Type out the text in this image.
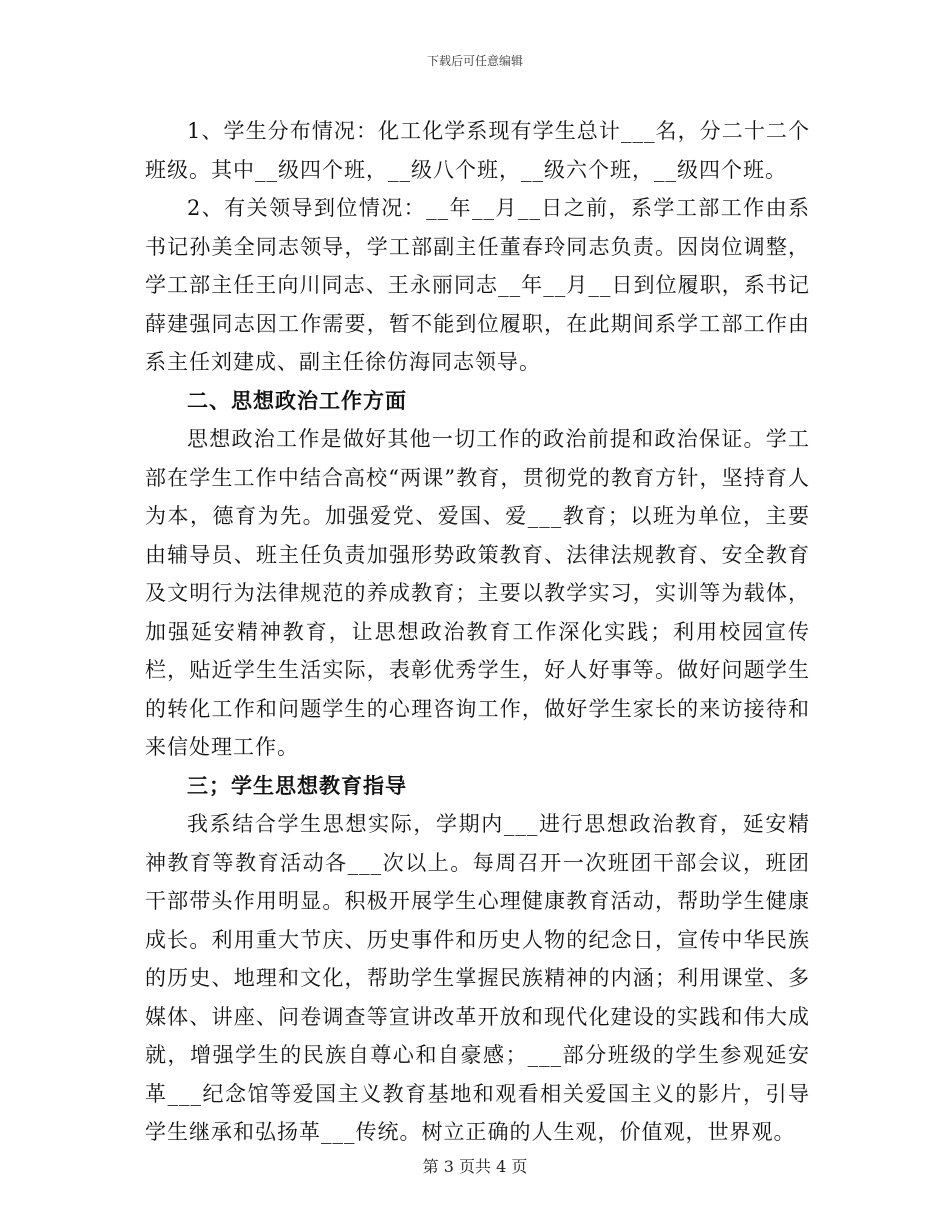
下载后可任意编辑

1、学生分布情况：化工化学系现有学生总计___名，分二十二个班级。其中__级四个班，__级八个班，__级六个班，__级四个班。

2、有关领导到位情况：__年__月__日之前，系学工部工作由系书记孙美全同志领导，学工部副主任董春玲同志负责。因岗位调整，学工部主任王向川同志、王永丽同志__年__月__日到位履职，系书记薛建强同志因工作需要，暂不能到位履职，在此期间系学工部工作由系主任刘建成、副主任徐仿海同志领导。

二、思想政治工作方面

思想政治工作是做好其他一切工作的政治前提和政治保证。学工部在学生工作中结合高校“两课”教育，贯彻党的教育方针，坚持育人为本，德育为先。加强爱党、爱国、爱___教育；以班为单位，主要由辅导员、班主任负责加强形势政策教育、法律法规教育、安全教育及文明行为法律规范的养成教育；主要以教学实习，实训等为载体，加强延安精神教育，让思想政治教育工作深化实践；利用校园宣传栏，贴近学生生活实际，表彰优秀学生，好人好事等。做好问题学生的转化工作和问题学生的心理咨询工作，做好学生家长的来访接待和来信处理工作。

三；学生思想教育指导

我系结合学生思想实际，学期内___进行思想政治教育，延安精神教育等教育活动各___次以上。每周召开一次班团干部会议，班团干部带头作用明显。积极开展学生心理健康教育活动，帮助学生健康成长。利用重大节庆、历史事件和历史人物的纪念日，宣传中华民族的历史、地理和文化，帮助学生掌握民族精神的内涵；利用课堂、多媒体、讲座、问卷调查等宣讲改革开放和现代化建设的实践和伟大成就，增强学生的民族自尊心和自豪感；___部分班级的学生参观延安革___纪念馆等爱国主义教育基地和观看相关爱国主义的影片，引导学生继承和弘扬革___传统。树立正确的人生观，价值观，世界观。

第 3 页共 4 页
